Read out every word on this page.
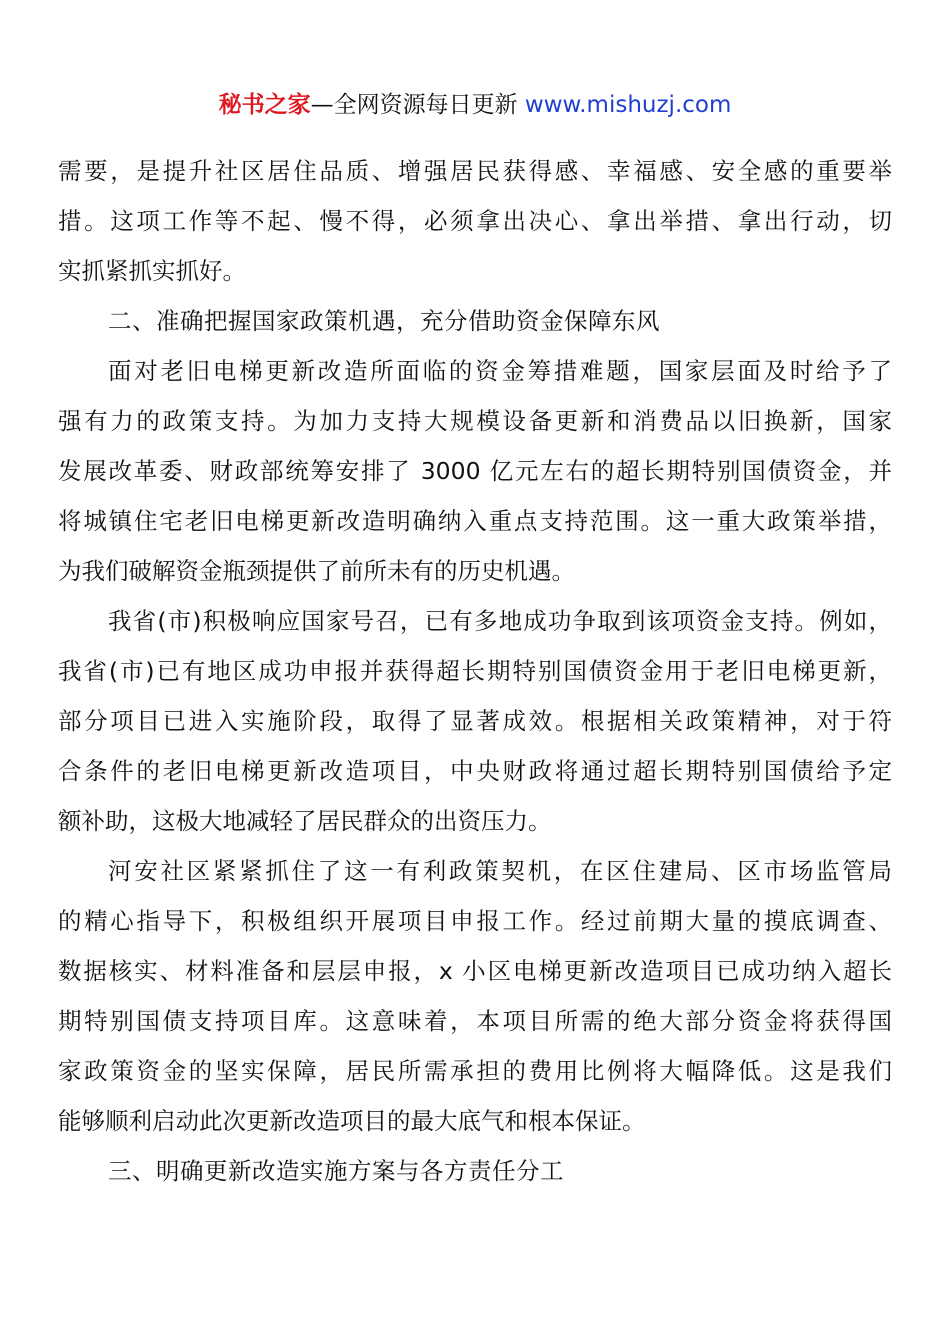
秘书之家—全网资源每日更新 www.mishuzj.com
需要，是提升社区居住品质、增强居民获得感、幸福感、安全感的重要举
措。这项工作等不起、慢不得，必须拿出决心、拿出举措、拿出行动，切
实抓紧抓实抓好。
二、准确把握国家政策机遇，充分借助资金保障东风
面对老旧电梯更新改造所面临的资金筹措难题，国家层面及时给予了
强有力的政策支持。为加力支持大规模设备更新和消费品以旧换新，国家
发展改革委、财政部统筹安排了 3000 亿元左右的超长期特别国债资金，并
将城镇住宅老旧电梯更新改造明确纳入重点支持范围。这一重大政策举措，
为我们破解资金瓶颈提供了前所未有的历史机遇。
我省(市)积极响应国家号召，已有多地成功争取到该项资金支持。例如，
我省(市)已有地区成功申报并获得超长期特别国债资金用于老旧电梯更新，
部分项目已进入实施阶段，取得了显著成效。根据相关政策精神，对于符
合条件的老旧电梯更新改造项目，中央财政将通过超长期特别国债给予定
额补助，这极大地减轻了居民群众的出资压力。
河安社区紧紧抓住了这一有利政策契机，在区住建局、区市场监管局
的精心指导下，积极组织开展项目申报工作。经过前期大量的摸底调查、
数据核实、材料准备和层层申报，x 小区电梯更新改造项目已成功纳入超长
期特别国债支持项目库。这意味着，本项目所需的绝大部分资金将获得国
家政策资金的坚实保障，居民所需承担的费用比例将大幅降低。这是我们
能够顺利启动此次更新改造项目的最大底气和根本保证。
三、明确更新改造实施方案与各方责任分工
